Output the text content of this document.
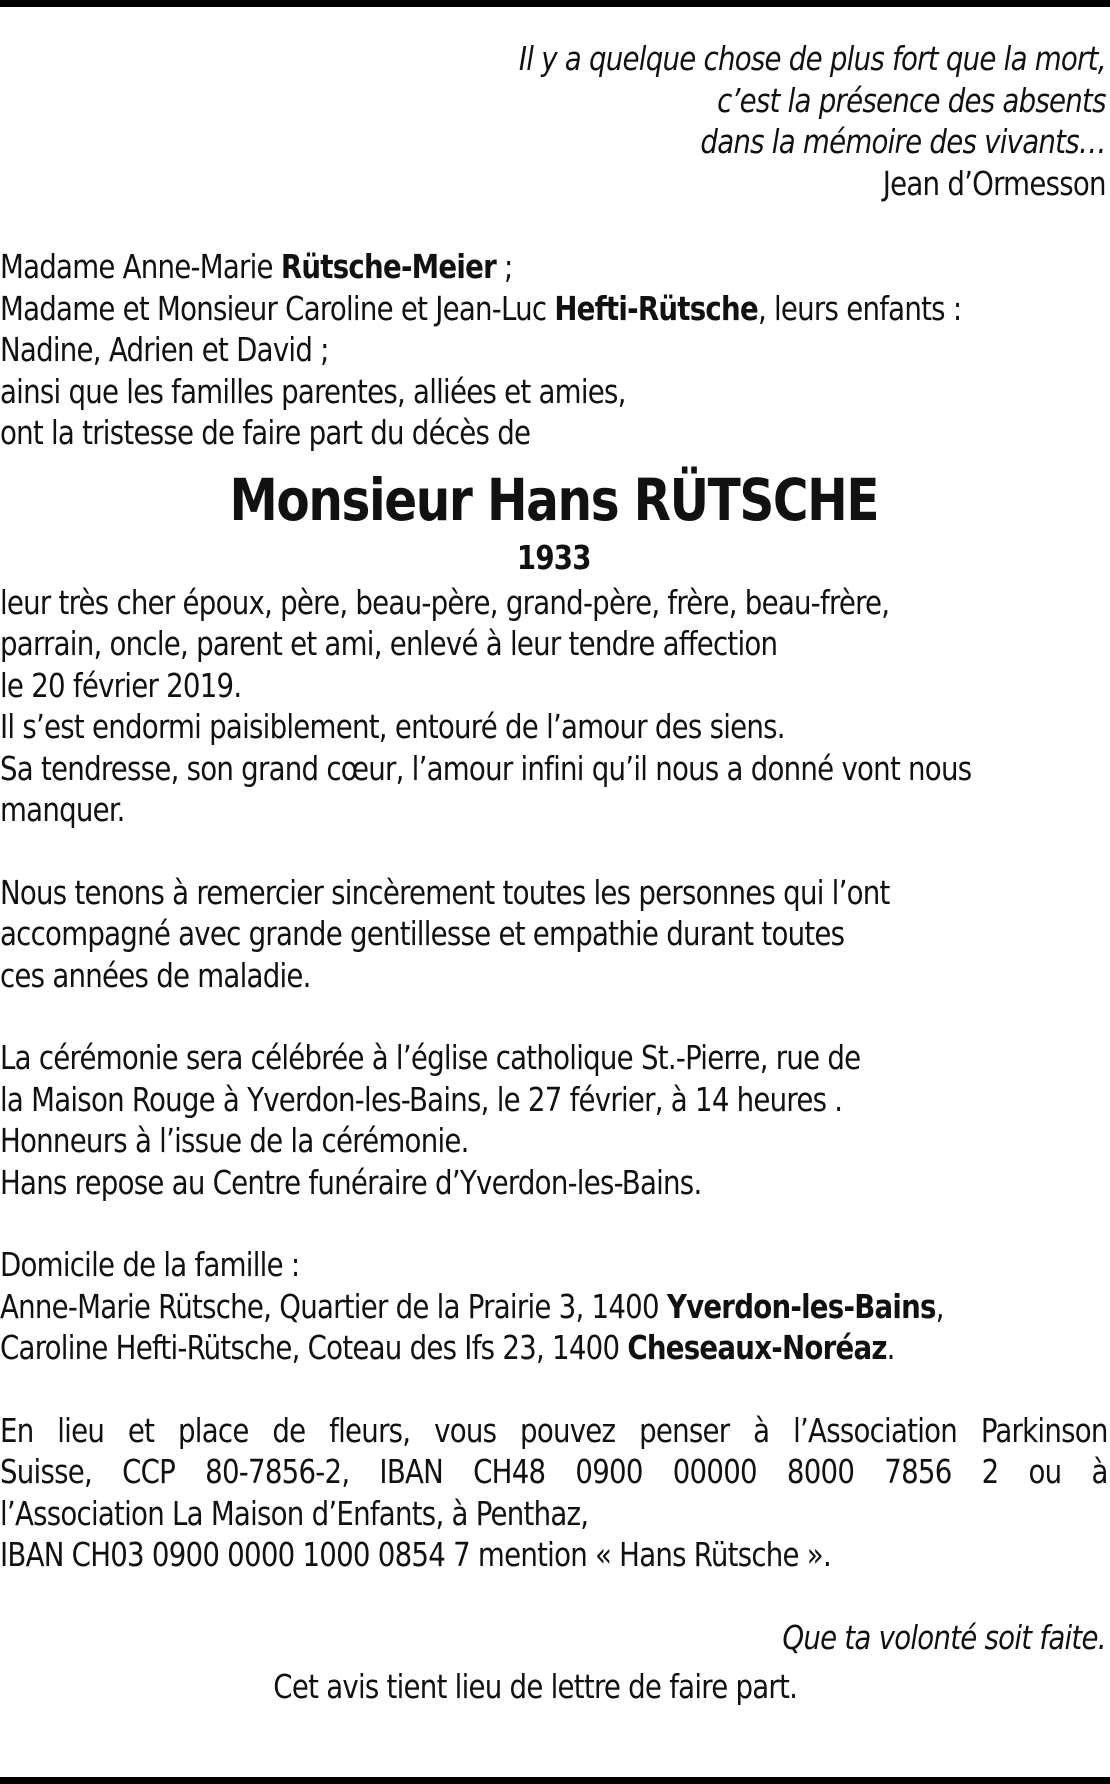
Il y a quelque chose de plus fort que la mort,
c’est la présence des absents
dans la mémoire des vivants…
Jean d’Ormesson
Madame Anne-Marie Rütsche-Meier ;
Madame et Monsieur Caroline et Jean-Luc Hefti-Rütsche, leurs enfants :
Nadine, Adrien et David ;
ainsi que les familles parentes, alliées et amies,
ont la tristesse de faire part du décès de
Monsieur Hans RÜTSCHE
1933
leur très cher époux, père, beau-père, grand-père, frère, beau-frère,
parrain, oncle, parent et ami, enlevé à leur tendre affection
le 20 février 2019.
Il s’est endormi paisiblement, entouré de l’amour des siens.
Sa tendresse, son grand cœur, l’amour infini qu’il nous a donné vont nous
manquer.
Nous tenons à remercier sincèrement toutes les personnes qui l’ont
accompagné avec grande gentillesse et empathie durant toutes
ces années de maladie.
La cérémonie sera célébrée à l’église catholique St.-Pierre, rue de
la Maison Rouge à Yverdon-les-Bains, le 27 février, à 14 heures .
Honneurs à l’issue de la cérémonie.
Hans repose au Centre funéraire d’Yverdon-les-Bains.
Domicile de la famille :
Anne-Marie Rütsche, Quartier de la Prairie 3, 1400 Yverdon-les-Bains,
Caroline Hefti-Rütsche, Coteau des Ifs 23, 1400 Cheseaux-Noréaz.
En lieu et place de fleurs, vous pouvez penser à l’Association Parkinson
Suisse, CCP 80-7856-2, IBAN CH48 0900 00000 8000 7856 2 ou à
l’Association La Maison d’Enfants, à Penthaz,
IBAN CH03 0900 0000 1000 0854 7 mention « Hans Rütsche ».
Que ta volonté soit faite.
Cet avis tient lieu de lettre de faire part.
